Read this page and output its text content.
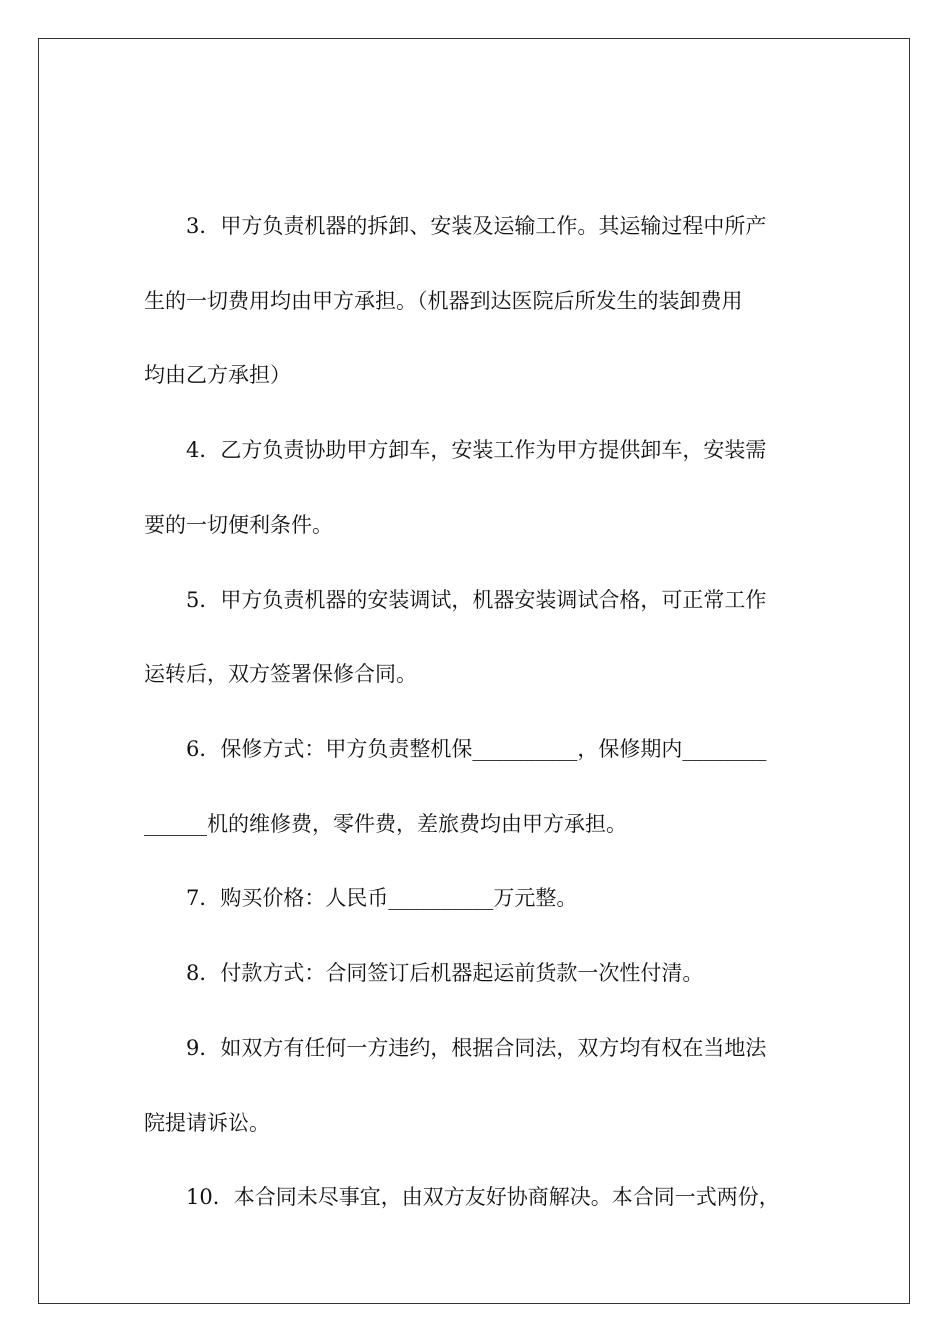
3．甲方负责机器的拆卸、安装及运输工作。其运输过程中所产
生的一切费用均由甲方承担。（机器到达医院后所发生的装卸费用
均由乙方承担）
4．乙方负责协助甲方卸车，安装工作为甲方提供卸车，安装需
要的一切便利条件。
5．甲方负责机器的安装调试，机器安装调试合格，可正常工作
运转后，双方签署保修合同。
6．保修方式：甲方负责整机保__________，保修期内________
______机的维修费，零件费，差旅费均由甲方承担。
7．购买价格：人民币__________万元整。
8．付款方式：合同签订后机器起运前货款一次性付清。
9．如双方有任何一方违约，根据合同法，双方均有权在当地法
院提请诉讼。
10．本合同未尽事宜，由双方友好协商解决。本合同一式两份，
